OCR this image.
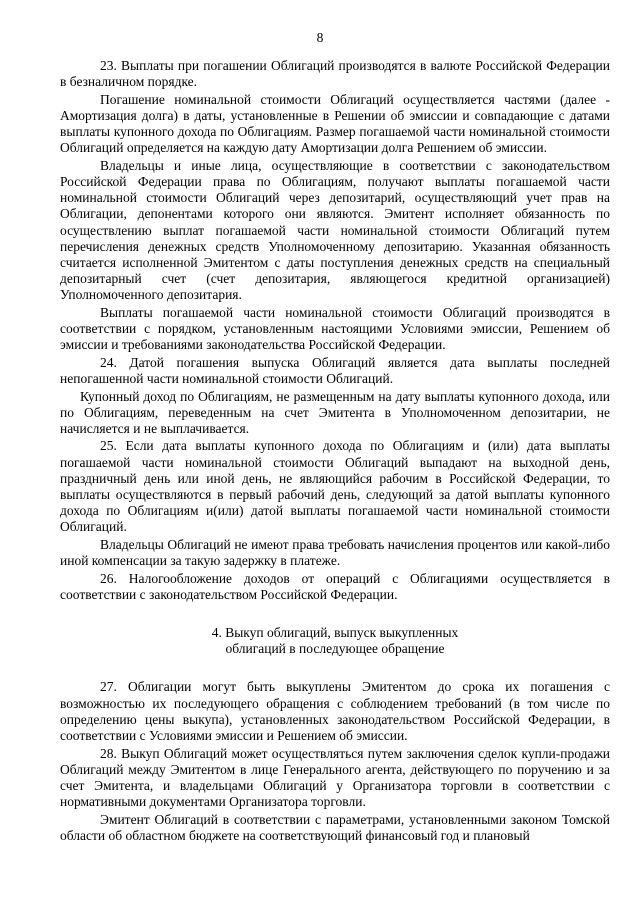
8

23. Выплаты при погашении Облигаций производятся в валюте Российской Федерации в безналичном порядке.

Погашение номинальной стоимости Облигаций осуществляется частями (далее - Амортизация долга) в даты, установленные в Решении об эмиссии и совпадающие с датами выплаты купонного дохода по Облигациям. Размер погашаемой части номинальной стоимости Облигаций определяется на каждую дату Амортизации долга Решением об эмиссии.

Владельцы и иные лица, осуществляющие в соответствии с законодательством Российской Федерации права по Облигациям, получают выплаты погашаемой части номинальной стоимости Облигаций через депозитарий, осуществляющий учет прав на Облигации, депонентами которого они являются. Эмитент исполняет обязанность по осуществлению выплат погашаемой части номинальной стоимости Облигаций путем перечисления денежных средств Уполномоченному депозитарию. Указанная обязанность считается исполненной Эмитентом с даты поступления денежных средств на специальный депозитарный счет (счет депозитария, являющегося кредитной организацией) Уполномоченного депозитария.

Выплаты погашаемой части номинальной стоимости Облигаций производятся в соответствии с порядком, установленным настоящими Условиями эмиссии, Решением об эмиссии и требованиями законодательства Российской Федерации.

24. Датой погашения выпуска Облигаций является дата выплаты последней непогашенной части номинальной стоимости Облигаций.

Купонный доход по Облигациям, не размещенным на дату выплаты купонного дохода, или по Облигациям, переведенным на счет Эмитента в Уполномоченном депозитарии, не начисляется и не выплачивается.

25. Если дата выплаты купонного дохода по Облигациям и (или) дата выплаты погашаемой части номинальной стоимости Облигаций выпадают на выходной день, праздничный день или иной день, не являющийся рабочим в Российской Федерации, то выплаты осуществляются в первый рабочий день, следующий за датой выплаты купонного дохода по Облигациям и(или) датой выплаты погашаемой части номинальной стоимости Облигаций.

Владельцы Облигаций не имеют права требовать начисления процентов или какой-либо иной компенсации за такую задержку в платеже.

26. Налогообложение доходов от операций с Облигациями осуществляется в соответствии с законодательством Российской Федерации.

4. Выкуп облигаций, выпуск выкупленных
облигаций в последующее обращение

27. Облигации могут быть выкуплены Эмитентом до срока их погашения с возможностью их последующего обращения с соблюдением требований (в том числе по определению цены выкупа), установленных законодательством Российской Федерации, в соответствии с Условиями эмиссии и Решением об эмиссии.

28. Выкуп Облигаций может осуществляться путем заключения сделок купли-продажи Облигаций между Эмитентом в лице Генерального агента, действующего по поручению и за счет Эмитента, и владельцами Облигаций у Организатора торговли в соответствии с нормативными документами Организатора торговли.

Эмитент Облигаций в соответствии с параметрами, установленными законом Томской области об областном бюджете на соответствующий финансовый год и плановый
